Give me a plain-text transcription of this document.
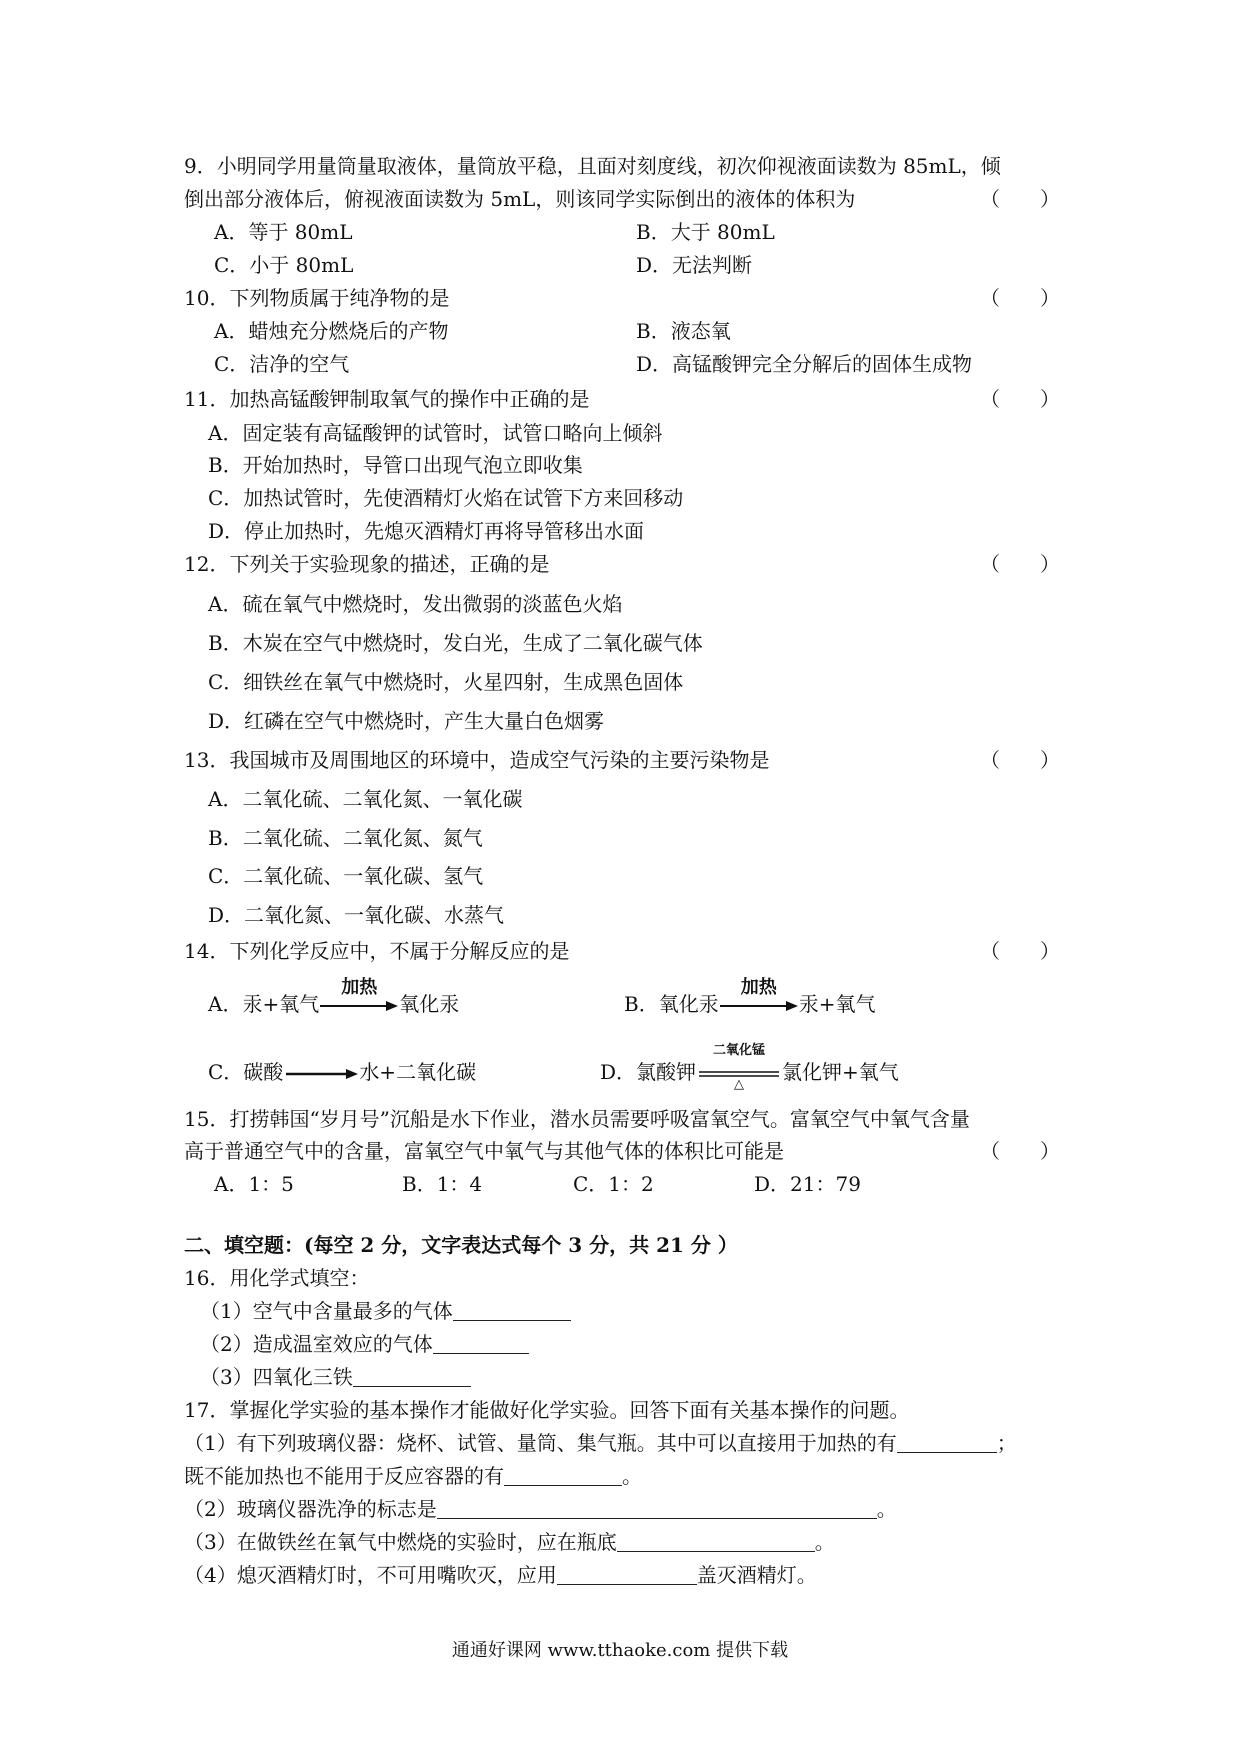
9．小明同学用量筒量取液体，量筒放平稳，且面对刻度线，初次仰视液面读数为 85mL，倾
倒出部分液体后，俯视液面读数为 5mL，则该同学实际倒出的液体的体积为	（　　）
A．等于 80mL	B．大于 80mL
C．小于 80mL	D．无法判断
10．下列物质属于纯净物的是	（　　）
A．蜡烛充分燃烧后的产物	B．液态氧
C．洁净的空气	D．高锰酸钾完全分解后的固体生成物
11．加热高锰酸钾制取氧气的操作中正确的是	（　　）
A．固定装有高锰酸钾的试管时，试管口略向上倾斜
B．开始加热时，导管口出现气泡立即收集
C．加热试管时，先使酒精灯火焰在试管下方来回移动
D．停止加热时，先熄灭酒精灯再将导管移出水面
12．下列关于实验现象的描述，正确的是	（　　）
A．硫在氧气中燃烧时，发出微弱的淡蓝色火焰
B．木炭在空气中燃烧时，发白光，生成了二氧化碳气体
C．细铁丝在氧气中燃烧时，火星四射，生成黑色固体
D．红磷在空气中燃烧时，产生大量白色烟雾
13．我国城市及周围地区的环境中，造成空气污染的主要污染物是	（　　）
A．二氧化硫、二氧化氮、一氧化碳
B．二氧化硫、二氧化氮、氮气
C．二氧化硫、一氧化碳、氢气
D．二氧化氮、一氧化碳、水蒸气
14．下列化学反应中，不属于分解反应的是	（　　）
A．汞+氧气
加热
氧化汞	B．氧化汞
加热
汞+氧气
C．碳酸	水+二氧化碳	D．氯酸钾
二氧化锰
△	氯化钾+氧气
15．打捞韩国“岁月号”沉船是水下作业，潜水员需要呼吸富氧空气。富氧空气中氧气含量
高于普通空气中的含量，富氧空气中氧气与其他气体的体积比可能是	（　　）
A．1：5	B．1：4	C．1：2	D．21：79
二、填空题：(每空 2 分，文字表达式每个 3 分，共 21 分 ）
16．用化学式填空：
（1）空气中含量最多的气体
（2）造成温室效应的气体
（3）四氧化三铁
17．掌握化学实验的基本操作才能做好化学实验。回答下面有关基本操作的问题。
（1）有下列玻璃仪器：烧杯、试管、量筒、集气瓶。其中可以直接用于加热的有	；
既不能加热也不能用于反应容器的有	。
（2）玻璃仪器洗净的标志是	。
（3）在做铁丝在氧气中燃烧的实验时，应在瓶底	。
（4）熄灭酒精灯时，不可用嘴吹灭，应用	盖灭酒精灯。
通通好课网 www.tthaoke.com 提供下载
